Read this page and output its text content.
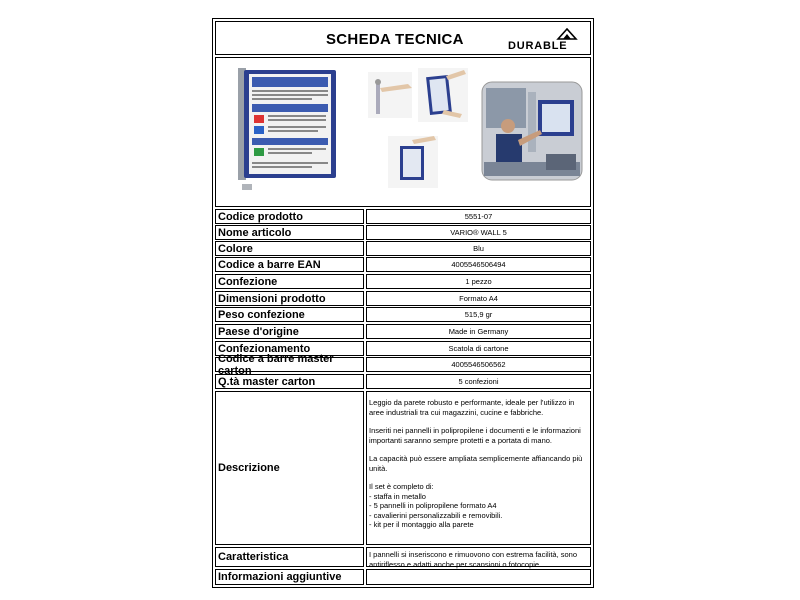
SCHEDA TECNICA	DURABLE
Codice prodotto	5551-07
Nome articolo	VARIO® WALL 5
Colore	Blu
Codice a barre EAN	4005546506494
Confezione	1 pezzo
Dimensioni prodotto	Formato A4
Peso confezione	515,9 gr
Paese d'origine	Made in Germany
Confezionamento	Scatola di cartone
Codice a barre master carton	4005546506562
Q.tà master carton	5 confezioni
Descrizione

Leggio da parete robusto e performante, ideale per l'utilizzo in aree industriali tra cui magazzini, cucine e fabbriche.

Inseriti nei pannelli in polipropilene i documenti e le informazioni importanti saranno sempre protetti e a portata di mano.

La capacità può essere ampliata semplicemente affiancando più unità.

Il set è completo di:
- staffa in metallo
- 5 pannelli in polipropilene formato A4
- cavalierini personalizzabili e removibili.
- kit per il montaggio alla parete

Caratteristica	I pannelli si inseriscono e rimuovono con estrema facilità, sono antiriflesso e adatti anche per scansioni o fotocopie.
Informazioni aggiuntive
